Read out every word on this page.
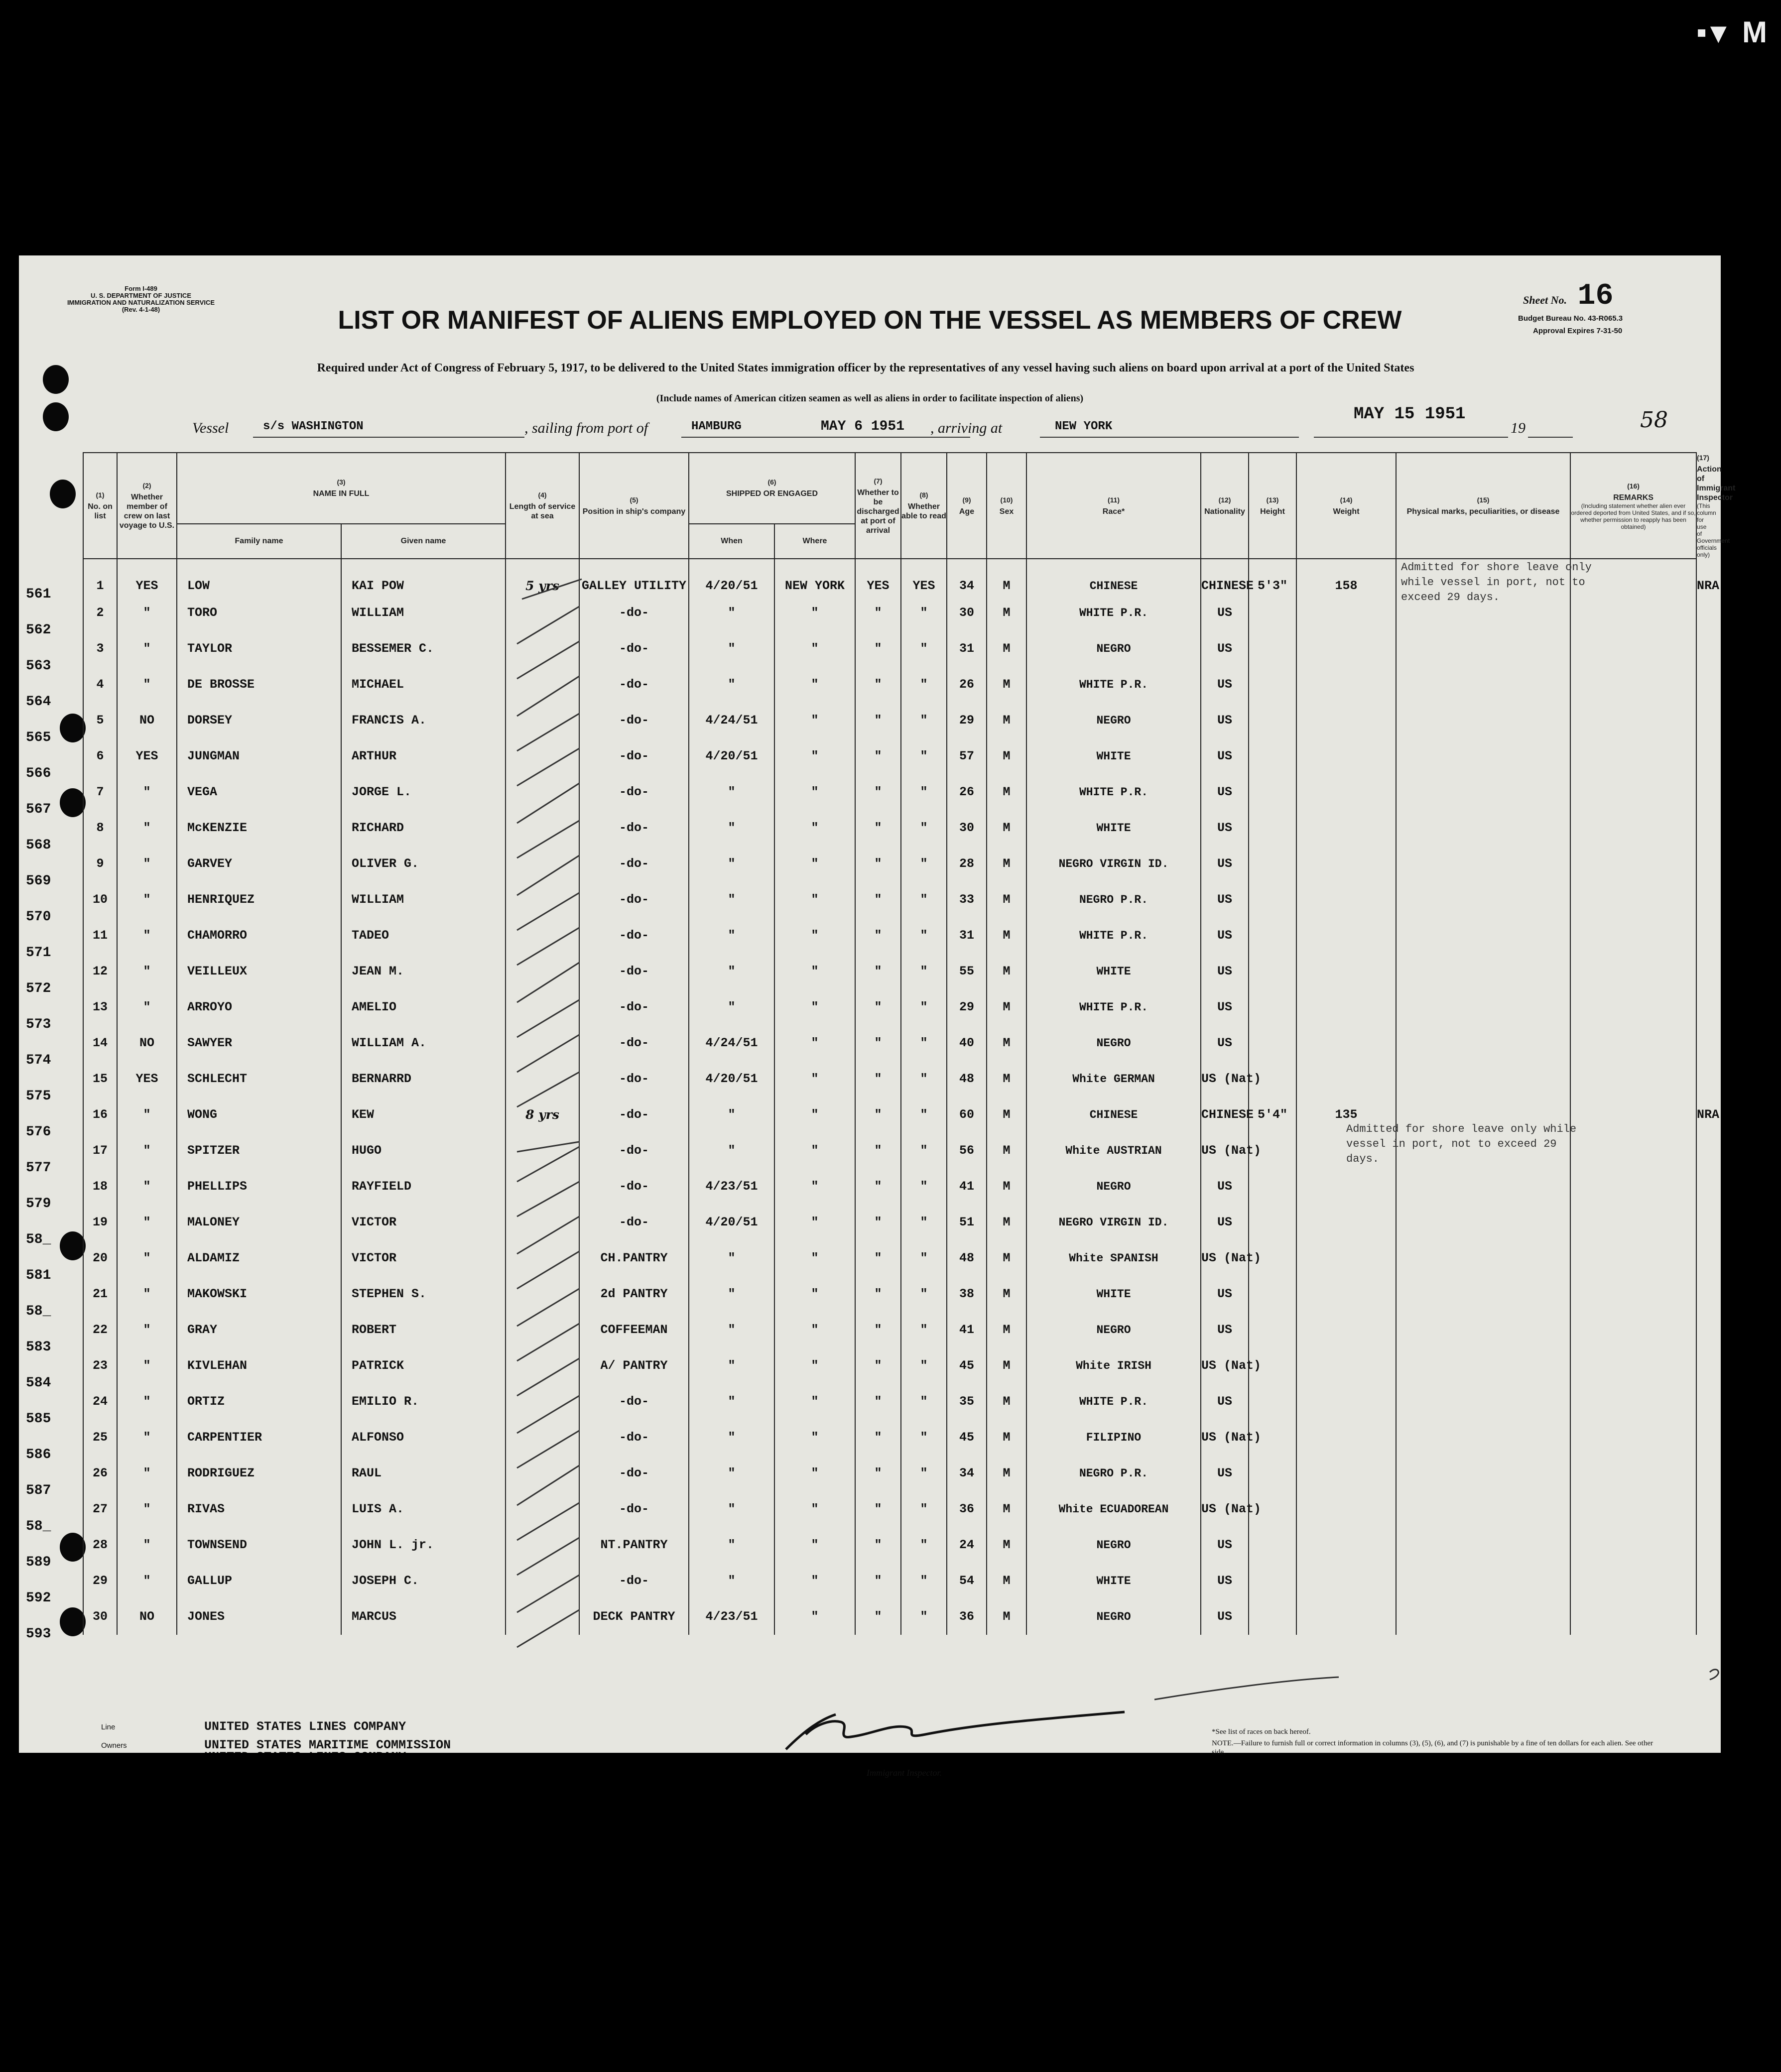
▪▾ M
Form I-489
U. S. DEPARTMENT OF JUSTICE
IMMIGRATION AND NATURALIZATION SERVICE
(Rev. 4-1-48)
Sheet No. 16
Budget Bureau No. 43-R065.3
Approval Expires 7-31-50
LIST OR MANIFEST OF ALIENS EMPLOYED ON THE VESSEL AS MEMBERS OF CREW
Required under Act of Congress of February 5, 1917, to be delivered to the United States immigration officer by the representatives of any vessel having such aliens on board upon arrival at a port of the United States
(Include names of American citizen seamen as well as aliens in order to facilitate inspection of aliens)
Vessel	s/s WASHINGTON	, sailing from port of	HAMBURG	MAY 6 1951 , arriving at	NEW YORK
MAY 15 1951
19	58
561
562
563
564
565
566
567
568
569
570
571
572
573
574
575
576
577
579
58_
581
58_
583
584
585
586
587
58_
589
592
593
(1)
No. on list	(2)
Whether member of crew on last voyage to U.S.	(3)
NAME IN FULL		(4)
Length of service at sea	(5)
Position in ship's company	(6)
SHIPPED OR ENGAGED		(7)
Whether to be discharged at port of arrival	(8)
Whether able to read	(9)
Age	(10)
Sex	(11)
Race*	(12)
Nationality	(13)
Height	(14)
Weight	(15)
Physical marks, peculiarities, or disease	(16)
REMARKS
(Including statement whether alien ever ordered deported from United States, and if so, whether permission to reapply has been obtained)	(17)
Action of Immigrant Inspector
(This column for use of Government officials only)

		Family name	Given name			When	Where											
1	YES	LOW	KAI POW	5 yrs	GALLEY UTILITY	4/20/51	NEW YORK	YES	YES	34	M	CHINESE	CHINESE	5'3"	158			NRA
2	"	TORO	WILLIAM		-do-	"	"	"	"	30	M	WHITE P.R.	US					
3	"	TAYLOR	BESSEMER C.		-do-	"	"	"	"	31	M	NEGRO	US					
4	"	DE BROSSE	MICHAEL		-do-	"	"	"	"	26	M	WHITE P.R.	US					
5	NO	DORSEY	FRANCIS A.		-do-	4/24/51	"	"	"	29	M	NEGRO	US					
6	YES	JUNGMAN	ARTHUR		-do-	4/20/51	"	"	"	57	M	WHITE	US					
7	"	VEGA	JORGE L.		-do-	"	"	"	"	26	M	WHITE P.R.	US					
8	"	McKENZIE	RICHARD		-do-	"	"	"	"	30	M	WHITE	US					
9	"	GARVEY	OLIVER G.		-do-	"	"	"	"	28	M	NEGRO VIRGIN ID.	US					
10	"	HENRIQUEZ	WILLIAM		-do-	"	"	"	"	33	M	NEGRO P.R.	US					
11	"	CHAMORRO	TADEO		-do-	"	"	"	"	31	M	WHITE P.R.	US					
12	"	VEILLEUX	JEAN M.		-do-	"	"	"	"	55	M	WHITE	US					
13	"	ARROYO	AMELIO		-do-	"	"	"	"	29	M	WHITE P.R.	US					
14	NO	SAWYER	WILLIAM A.		-do-	4/24/51	"	"	"	40	M	NEGRO	US					
15	YES	SCHLECHT	BERNARRD		-do-	4/20/51	"	"	"	48	M	White GERMAN	US (Nat)					
16	"	WONG	KEW	8 yrs	-do-	"	"	"	"	60	M	CHINESE	CHINESE	5'4"	135			NRA
17	"	SPITZER	HUGO		-do-	"	"	"	"	56	M	White AUSTRIAN	US (Nat)					
18	"	PHELLIPS	RAYFIELD		-do-	4/23/51	"	"	"	41	M	NEGRO	US					
19	"	MALONEY	VICTOR		-do-	4/20/51	"	"	"	51	M	NEGRO VIRGIN ID.	US					
20	"	ALDAMIZ	VICTOR		CH.PANTRY	"	"	"	"	48	M	White SPANISH	US (Nat)					
21	"	MAKOWSKI	STEPHEN S.		2d PANTRY	"	"	"	"	38	M	WHITE	US					
22	"	GRAY	ROBERT		COFFEEMAN	"	"	"	"	41	M	NEGRO	US					
23	"	KIVLEHAN	PATRICK		A/ PANTRY	"	"	"	"	45	M	White IRISH	US (Nat)					
24	"	ORTIZ	EMILIO R.		-do-	"	"	"	"	35	M	WHITE P.R.	US					
25	"	CARPENTIER	ALFONSO		-do-	"	"	"	"	45	M	FILIPINO	US (Nat)					
26	"	RODRIGUEZ	RAUL		-do-	"	"	"	"	34	M	NEGRO P.R.	US					
27	"	RIVAS	LUIS A.		-do-	"	"	"	"	36	M	White ECUADOREAN	US (Nat)					
28	"	TOWNSEND	JOHN L. jr.		NT.PANTRY	"	"	"	"	24	M	NEGRO	US					
29	"	GALLUP	JOSEPH C.		-do-	"	"	"	"	54	M	WHITE	US					
30	NO	JONES	MARCUS		DECK PANTRY	4/23/51	"	"	"	36	M	NEGRO	US					
Admitted for shore leave only while vessel in port, not to exceed 29 days.
Admitted for shore leave only while vessel in port, not to exceed 29 days.
Line	UNITED STATES LINES COMPANY
Owners	UNITED STATES MARITIME COMMISSION
Local Agents	UNITED STATES LINES COMPANY
Immigrant Inspector.
*See list of races on back hereof.
NOTE.—Failure to furnish full or correct information in columns (3), (5), (6), and (7) is punishable by a fine of ten dollars for each alien. See other side.
